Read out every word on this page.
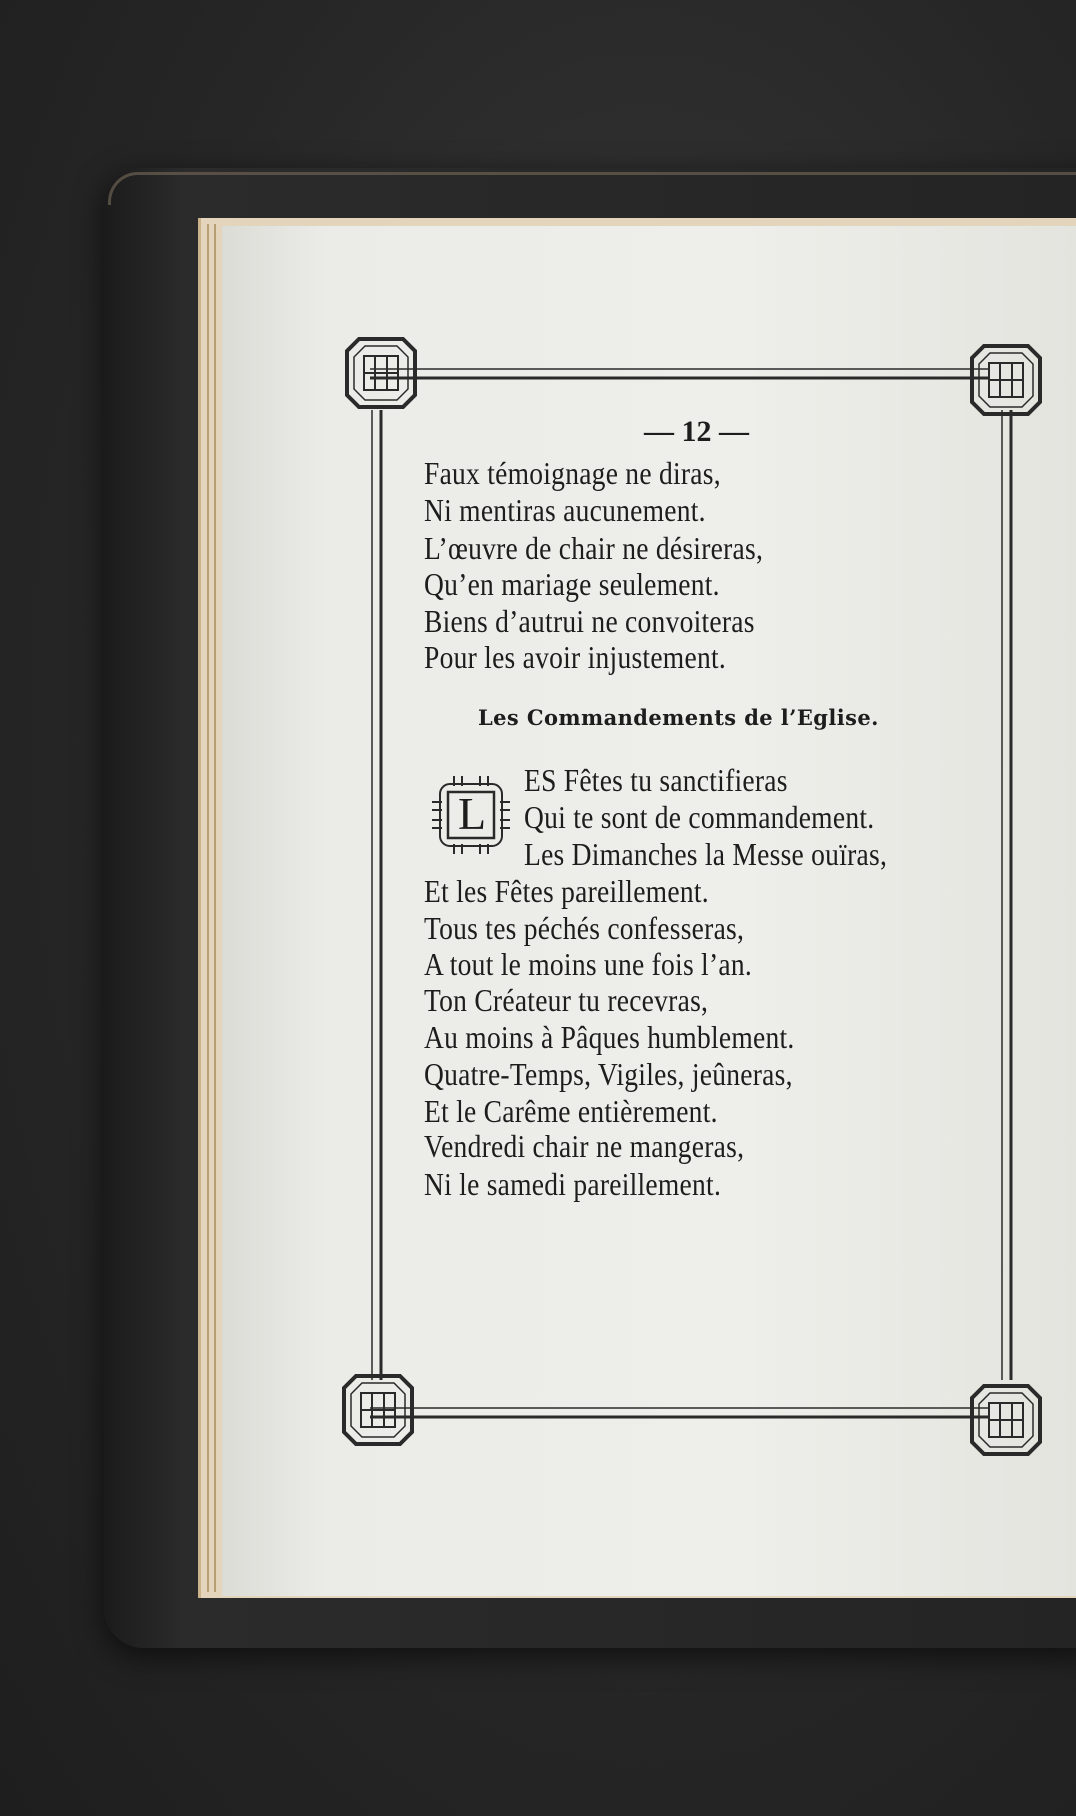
— 12 —
Faux témoignage ne diras,
Ni mentiras aucunement.
L’œuvre de chair ne désireras,
Qu’en mariage seulement.
Biens d’autrui ne convoiteras
Pour les avoir injustement.
Les Commandements de l’Eglise.
L
ES Fêtes tu sanctifieras
Qui te sont de commandement.
Les Dimanches la Messe ouïras,
Et les Fêtes pareillement.
Tous tes péchés confesseras,
A tout le moins une fois l’an.
Ton Créateur tu recevras,
Au moins à Pâques humblement.
Quatre-Temps, Vigiles, jeûneras,
Et le Carême entièrement.
Vendredi chair ne mangeras,
Ni le samedi pareillement.
